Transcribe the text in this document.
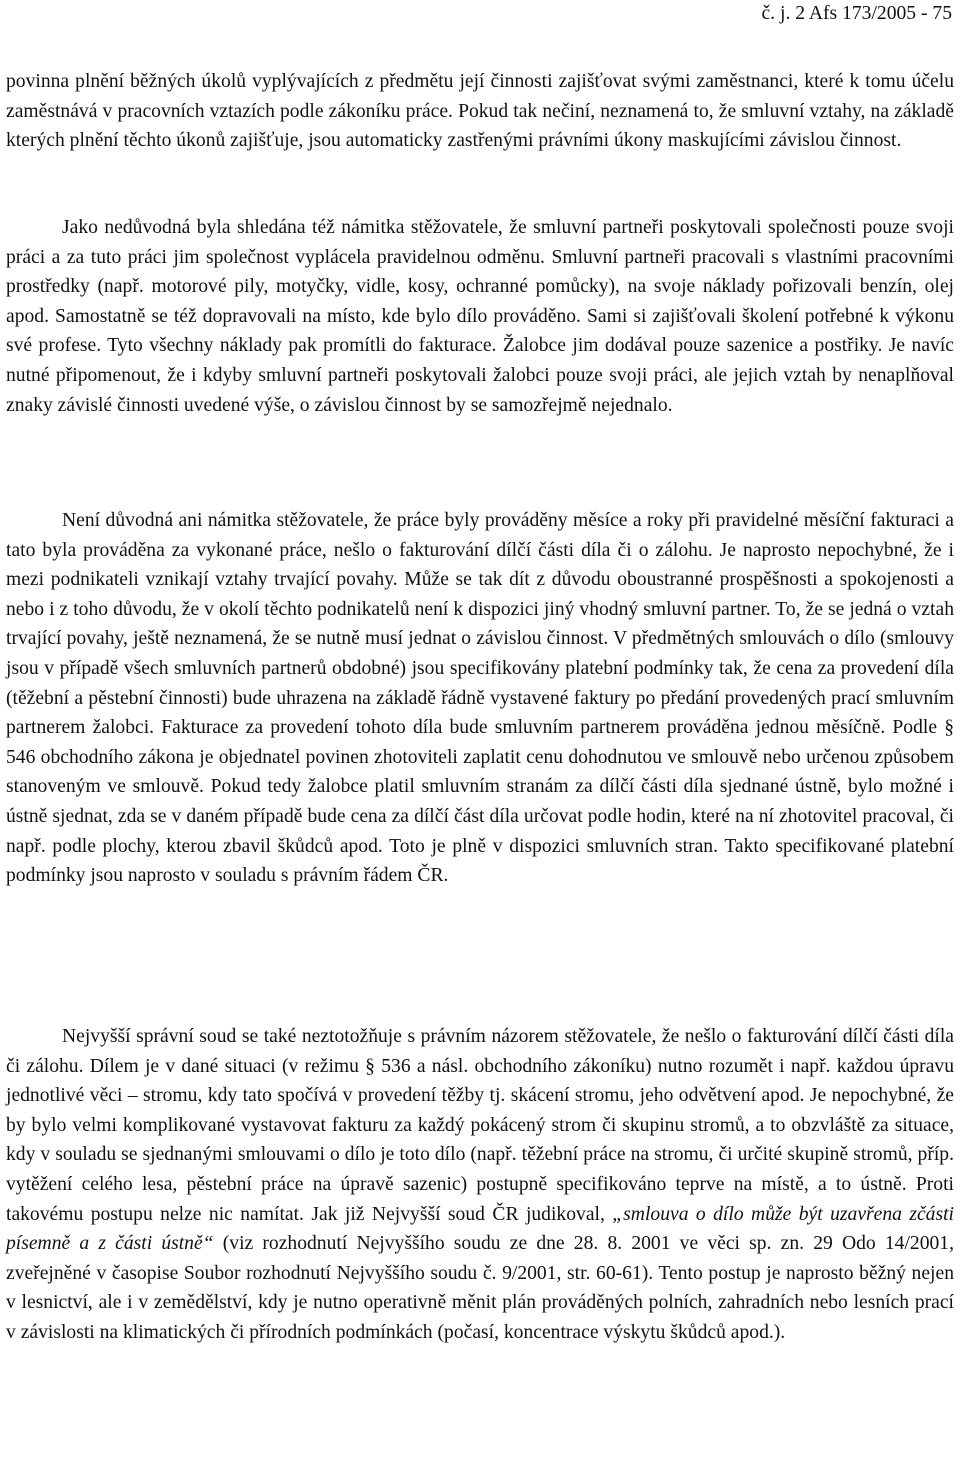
č. j. 2 Afs 173/2005 - 75

povinna plnění běžných úkolů vyplývajících z předmětu její činnosti zajišťovat svými zaměstnanci, které k tomu účelu zaměstnává v pracovních vztazích podle zákoníku práce. Pokud tak nečiní, neznamená to, že smluvní vztahy, na základě kterých plnění těchto úkonů zajišťuje, jsou automaticky zastřenými právními úkony maskujícími závislou činnost.

Jako nedůvodná byla shledána též námitka stěžovatele, že smluvní partneři poskytovali společnosti pouze svoji práci a za tuto práci jim společnost vyplácela pravidelnou odměnu. Smluvní partneři pracovali s vlastními pracovními prostředky (např. motorové pily, motyčky, vidle, kosy, ochranné pomůcky), na svoje náklady pořizovali benzín, olej apod. Samostatně se též dopravovali na místo, kde bylo dílo prováděno. Sami si zajišťovali školení potřebné k výkonu své profese. Tyto všechny náklady pak promítli do fakturace. Žalobce jim dodával pouze sazenice a postřiky. Je navíc nutné připomenout, že i kdyby smluvní partneři poskytovali žalobci pouze svoji práci, ale jejich vztah by nenaplňoval znaky závislé činnosti uvedené výše, o závislou činnost by se samozřejmě nejednalo.

Není důvodná ani námitka stěžovatele, že práce byly prováděny měsíce a roky při pravidelné měsíční fakturaci a tato byla prováděna za vykonané práce, nešlo o fakturování dílčí části díla či o zálohu. Je naprosto nepochybné, že i mezi podnikateli vznikají vztahy trvající povahy. Může se tak dít z důvodu oboustranné prospěšnosti a spokojenosti a nebo i z toho důvodu, že v okolí těchto podnikatelů není k dispozici jiný vhodný smluvní partner. To, že se jedná o vztah trvající povahy, ještě neznamená, že se nutně musí jednat o závislou činnost. V předmětných smlouvách o dílo (smlouvy jsou v případě všech smluvních partnerů obdobné) jsou specifikovány platební podmínky tak, že cena za provedení díla (těžební a pěstební činnosti) bude uhrazena na základě řádně vystavené faktury po předání provedených prací smluvním partnerem žalobci. Fakturace za provedení tohoto díla bude smluvním partnerem prováděna jednou měsíčně. Podle § 546 obchodního zákona je objednatel povinen zhotoviteli zaplatit cenu dohodnutou ve smlouvě nebo určenou způsobem stanoveným ve smlouvě. Pokud tedy žalobce platil smluvním stranám za dílčí části díla sjednané ústně, bylo možné i ústně sjednat, zda se v daném případě bude cena za dílčí část díla určovat podle hodin, které na ní zhotovitel pracoval, či např. podle plochy, kterou zbavil škůdců apod. Toto je plně v dispozici smluvních stran. Takto specifikované platební podmínky jsou naprosto v souladu s právním řádem ČR.

Nejvyšší správní soud se také neztotožňuje s právním názorem stěžovatele, že nešlo o fakturování dílčí části díla či zálohu. Dílem je v dané situaci (v režimu § 536 a násl. obchodního zákoníku) nutno rozumět i např. každou úpravu jednotlivé věci – stromu, kdy tato spočívá v provedení těžby tj. skácení stromu, jeho odvětvení apod. Je nepochybné, že by bylo velmi komplikované vystavovat fakturu za každý pokácený strom či skupinu stromů, a to obzvláště za situace, kdy v souladu se sjednanými smlouvami o dílo je toto dílo (např. těžební práce na stromu, či určité skupině stromů, příp. vytěžení celého lesa, pěstební práce na úpravě sazenic) postupně specifikováno teprve na místě, a to ústně. Proti takovému postupu nelze nic namítat. Jak již Nejvyšší soud ČR judikoval, „smlouva o dílo může být uzavřena zčásti písemně a z části ústně“ (viz rozhodnutí Nejvyššího soudu ze dne 28. 8. 2001 ve věci sp. zn. 29 Odo 14/2001, zveřejněné v časopise Soubor rozhodnutí Nejvyššího soudu č. 9/2001, str. 60-61). Tento postup je naprosto běžný nejen v lesnictví, ale i v zemědělství, kdy je nutno operativně měnit plán prováděných polních, zahradních nebo lesních prací v závislosti na klimatických či přírodních podmínkách (počasí, koncentrace výskytu škůdců apod.).
